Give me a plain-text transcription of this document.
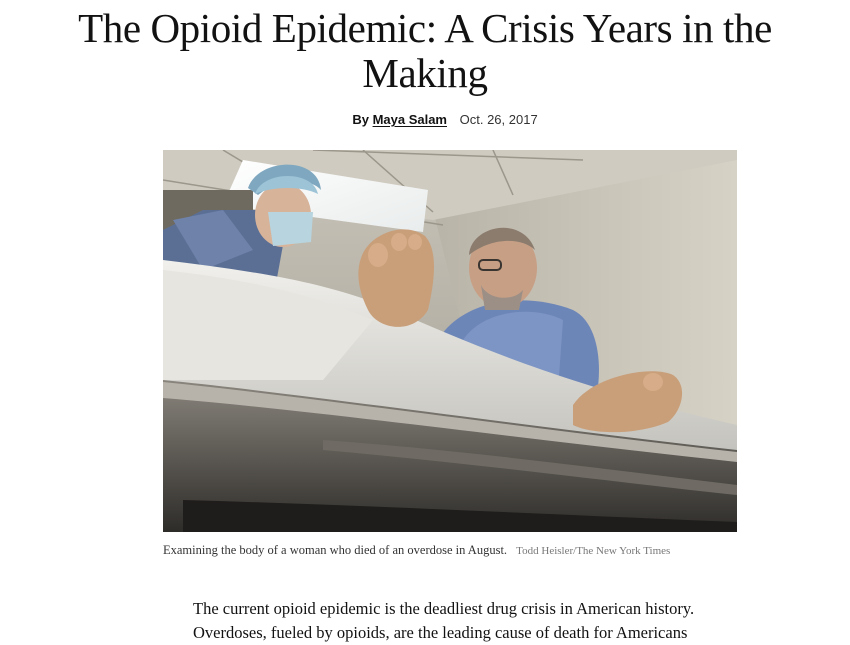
The Opioid Epidemic: A Crisis Years in the Making
By Maya Salam Oct. 26, 2017
Examining the body of a woman who died of an overdose in August. Todd Heisler/The New York Times

The current opioid epidemic is the deadliest drug crisis in American history. Overdoses, fueled by opioids, are the leading cause of death for Americans
